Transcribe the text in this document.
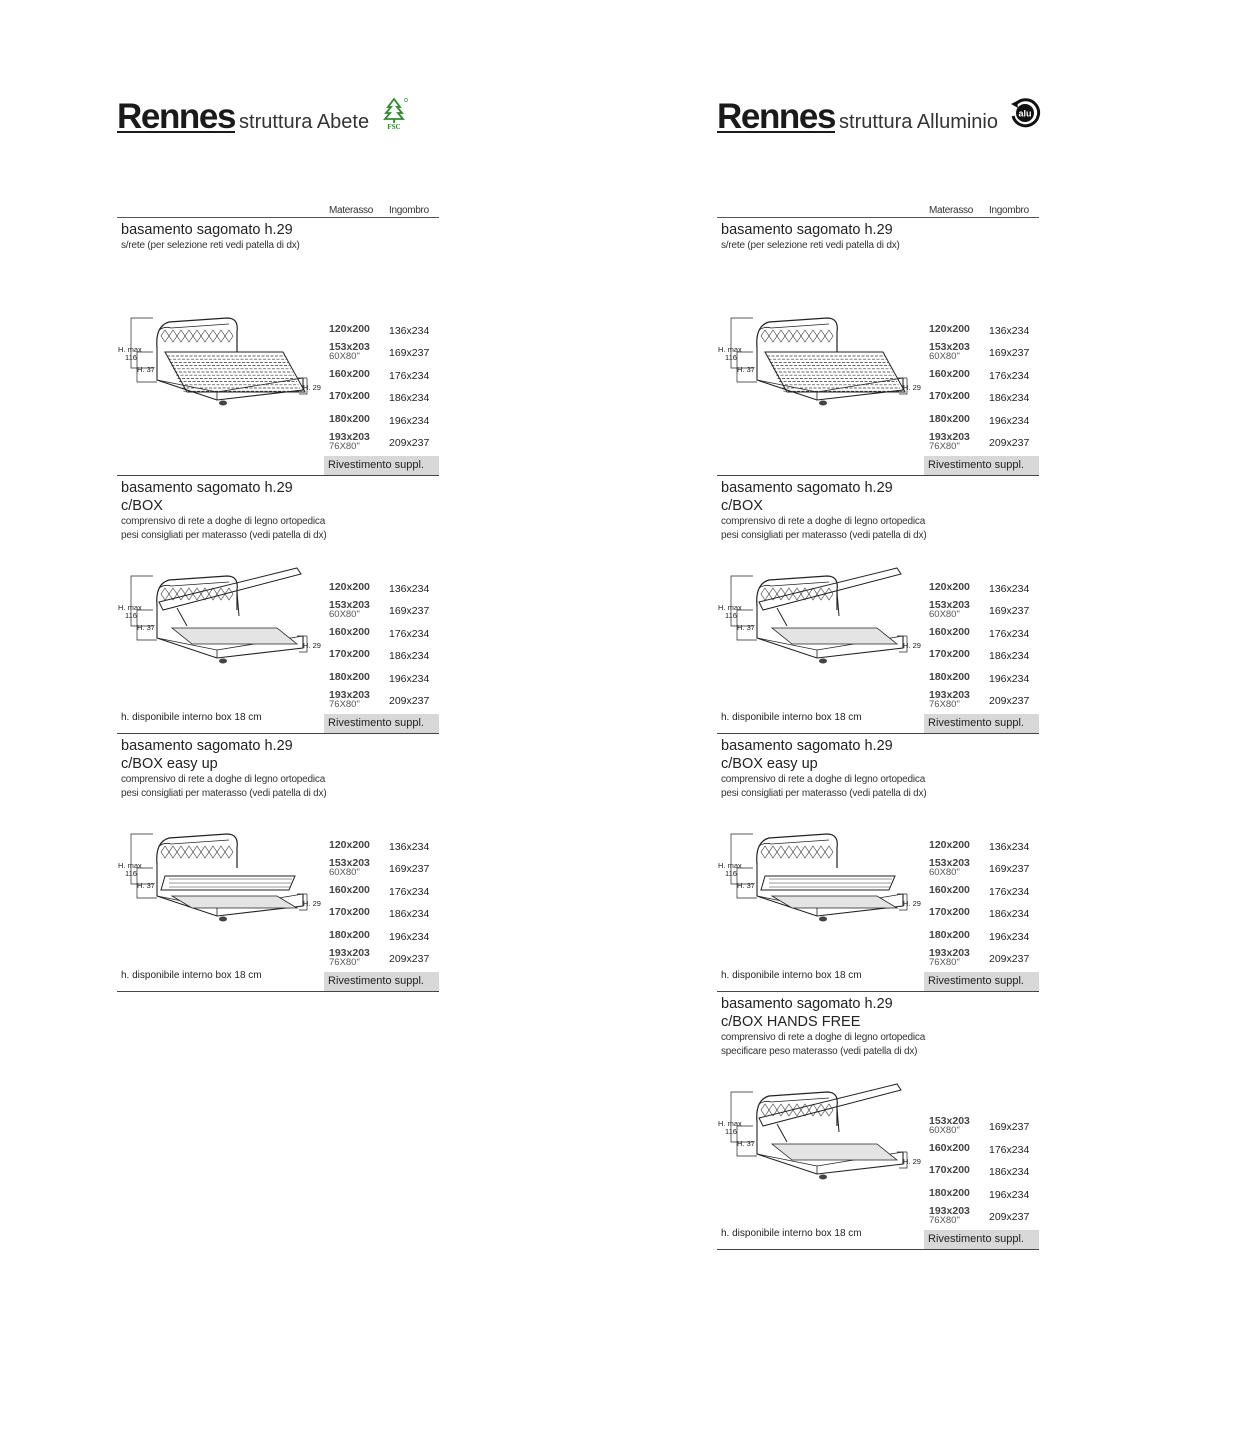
Rennes struttura Abete	FSC
Materasso Ingombro
basamento sagomato h.29
s/rete (per selezione reti vedi patella di dx)
H. max
116
H. 37
H. 29
120x200 136x234
153x203
60X80"	169x237
160x200 176x234
170x200 186x234
180x200 196x234
193x203
76X80"	209x237
Rivestimento suppl.
basamento sagomato h.29
c/BOX
comprensivo di rete a doghe di legno ortopedica
pesi consigliati per materasso (vedi patella di dx)
H. max
116
H. 37
H. 29
120x200 136x234
153x203
60X80"	169x237
160x200 176x234
170x200 186x234
180x200 196x234
193x203
76X80"	209x237
h. disponibile interno box 18 cm	Rivestimento suppl.
basamento sagomato h.29
c/BOX easy up
comprensivo di rete a doghe di legno ortopedica
pesi consigliati per materasso (vedi patella di dx)
H. max
116
H. 37
H. 29
120x200 136x234
153x203
60X80"	169x237
160x200 176x234
170x200 186x234
180x200 196x234
193x203
76X80"	209x237
h. disponibile interno box 18 cm	Rivestimento suppl.
Rennes struttura Alluminio alu
Materasso Ingombro
basamento sagomato h.29
s/rete (per selezione reti vedi patella di dx)
H. max
116
H. 37
H. 29
120x200 136x234
153x203
60X80"	169x237
160x200 176x234
170x200 186x234
180x200 196x234
193x203
76X80"	209x237
Rivestimento suppl.
basamento sagomato h.29
c/BOX
comprensivo di rete a doghe di legno ortopedica
pesi consigliati per materasso (vedi patella di dx)
H. max
116
H. 37
H. 29
120x200 136x234
153x203
60X80"	169x237
160x200 176x234
170x200 186x234
180x200 196x234
193x203
76X80"	209x237
h. disponibile interno box 18 cm	Rivestimento suppl.
basamento sagomato h.29
c/BOX easy up
comprensivo di rete a doghe di legno ortopedica
pesi consigliati per materasso (vedi patella di dx)
H. max
116
H. 37
H. 29
120x200 136x234
153x203
60X80"	169x237
160x200 176x234
170x200 186x234
180x200 196x234
193x203
76X80"	209x237
h. disponibile interno box 18 cm	Rivestimento suppl.
basamento sagomato h.29
c/BOX HANDS FREE
comprensivo di rete a doghe di legno ortopedica
specificare peso materasso (vedi patella di dx)
H. max
116
H. 37
H. 29
153x203
60X80"	169x237
160x200 176x234
170x200 186x234
180x200 196x234
193x203
76X80"	209x237
h. disponibile interno box 18 cm	Rivestimento suppl.
